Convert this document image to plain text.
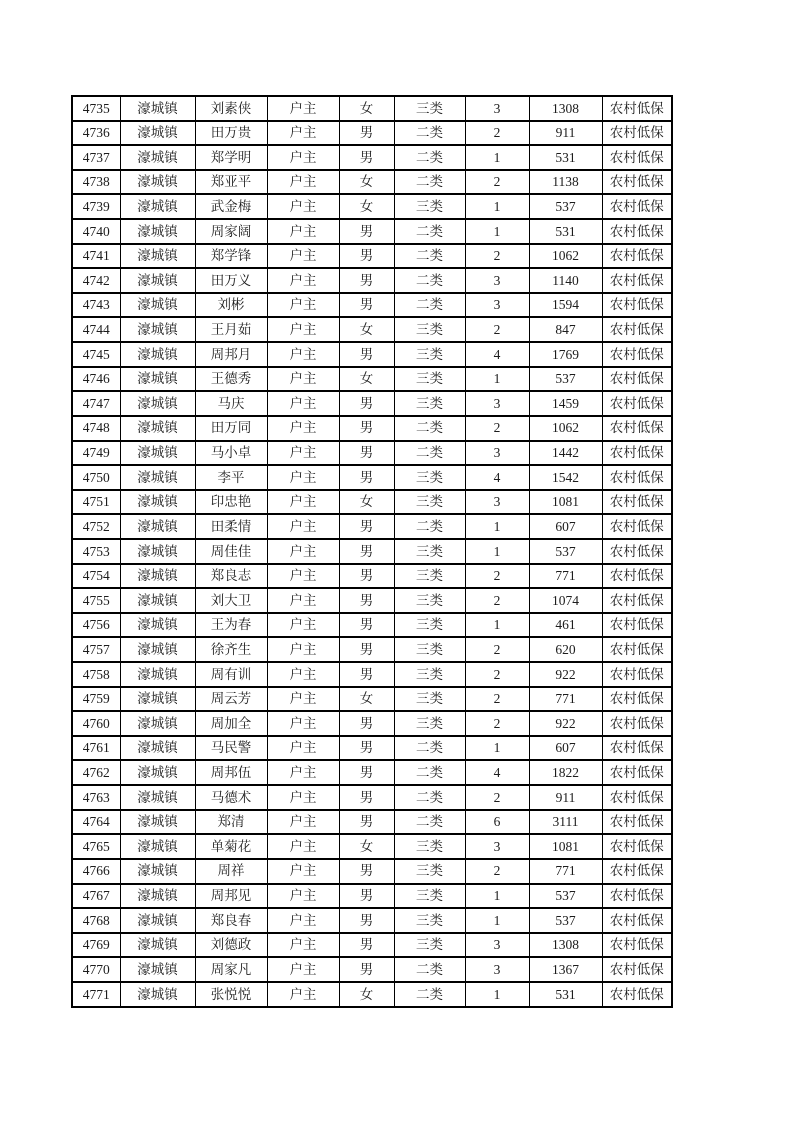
4735	濠城镇	刘素侠	户主	女	三类	3	1308	农村低保
4736	濠城镇	田万贵	户主	男	二类	2	911	农村低保
4737	濠城镇	郑学明	户主	男	二类	1	531	农村低保
4738	濠城镇	郑亚平	户主	女	二类	2	1138	农村低保
4739	濠城镇	武金梅	户主	女	三类	1	537	农村低保
4740	濠城镇	周家阔	户主	男	二类	1	531	农村低保
4741	濠城镇	郑学锋	户主	男	二类	2	1062	农村低保
4742	濠城镇	田万义	户主	男	二类	3	1140	农村低保
4743	濠城镇	刘彬	户主	男	二类	3	1594	农村低保
4744	濠城镇	王月茹	户主	女	三类	2	847	农村低保
4745	濠城镇	周邦月	户主	男	三类	4	1769	农村低保
4746	濠城镇	王德秀	户主	女	三类	1	537	农村低保
4747	濠城镇	马庆	户主	男	三类	3	1459	农村低保
4748	濠城镇	田万同	户主	男	二类	2	1062	农村低保
4749	濠城镇	马小卓	户主	男	二类	3	1442	农村低保
4750	濠城镇	李平	户主	男	三类	4	1542	农村低保
4751	濠城镇	印忠艳	户主	女	三类	3	1081	农村低保
4752	濠城镇	田柔情	户主	男	二类	1	607	农村低保
4753	濠城镇	周佳佳	户主	男	三类	1	537	农村低保
4754	濠城镇	郑良志	户主	男	三类	2	771	农村低保
4755	濠城镇	刘大卫	户主	男	三类	2	1074	农村低保
4756	濠城镇	王为春	户主	男	三类	1	461	农村低保
4757	濠城镇	徐齐生	户主	男	三类	2	620	农村低保
4758	濠城镇	周有训	户主	男	三类	2	922	农村低保
4759	濠城镇	周云芳	户主	女	三类	2	771	农村低保
4760	濠城镇	周加全	户主	男	三类	2	922	农村低保
4761	濠城镇	马民警	户主	男	二类	1	607	农村低保
4762	濠城镇	周邦伍	户主	男	二类	4	1822	农村低保
4763	濠城镇	马德术	户主	男	二类	2	911	农村低保
4764	濠城镇	郑清	户主	男	二类	6	3111	农村低保
4765	濠城镇	单菊花	户主	女	三类	3	1081	农村低保
4766	濠城镇	周祥	户主	男	三类	2	771	农村低保
4767	濠城镇	周邦见	户主	男	三类	1	537	农村低保
4768	濠城镇	郑良春	户主	男	三类	1	537	农村低保
4769	濠城镇	刘德政	户主	男	三类	3	1308	农村低保
4770	濠城镇	周家凡	户主	男	二类	3	1367	农村低保
4771	濠城镇	张悦悦	户主	女	二类	1	531	农村低保
